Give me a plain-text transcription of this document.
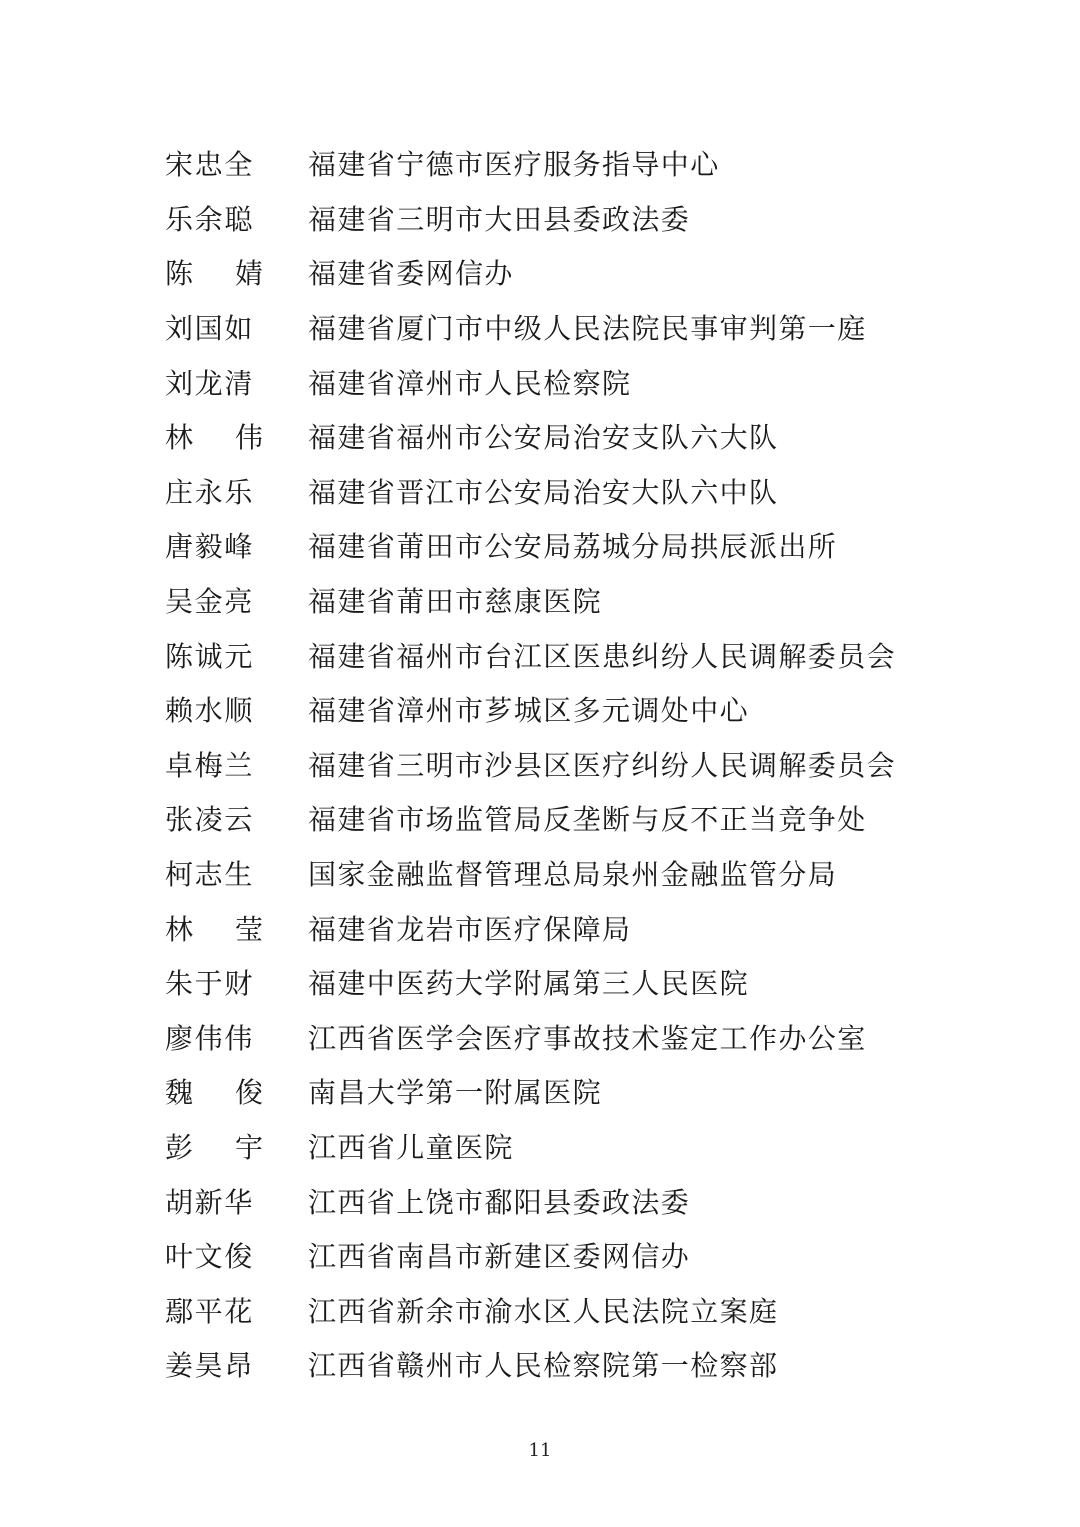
宋忠全	福建省宁德市医疗服务指导中心
乐余聪	福建省三明市大田县委政法委
陈 婧	福建省委网信办
刘国如	福建省厦门市中级人民法院民事审判第一庭
刘龙清	福建省漳州市人民检察院
林 伟	福建省福州市公安局治安支队六大队
庄永乐	福建省晋江市公安局治安大队六中队
唐毅峰	福建省莆田市公安局荔城分局拱辰派出所
吴金亮	福建省莆田市慈康医院
陈诚元	福建省福州市台江区医患纠纷人民调解委员会
赖水顺	福建省漳州市芗城区多元调处中心
卓梅兰	福建省三明市沙县区医疗纠纷人民调解委员会
张凌云	福建省市场监管局反垄断与反不正当竞争处
柯志生	国家金融监督管理总局泉州金融监管分局
林 莹	福建省龙岩市医疗保障局
朱于财	福建中医药大学附属第三人民医院
廖伟伟	江西省医学会医疗事故技术鉴定工作办公室
魏 俊	南昌大学第一附属医院
彭 宇	江西省儿童医院
胡新华	江西省上饶市鄱阳县委政法委
叶文俊	江西省南昌市新建区委网信办
鄢平花	江西省新余市渝水区人民法院立案庭
姜昊昂	江西省赣州市人民检察院第一检察部
11
